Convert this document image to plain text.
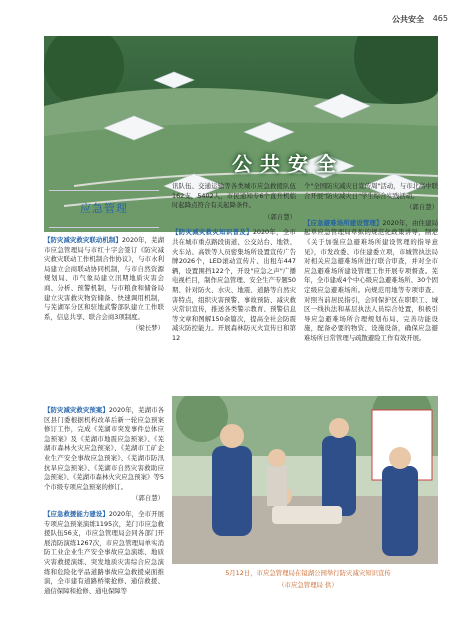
公共安全 465
公共安全
应急管理

【防灾减灾救灾联动机制】2020年，芜湖市应急管理局与市红十字会签订《防灾减灾救灾联动工作机制合作协议》，与市水利局建立会商联动协同机制，与市自然资源规划局、市气象局建立汛期地质灾害会商、分析、预警机制，与市粮食和储备局建立灾害救灾物资储备、快速调用机制，与芜湖军分区和驻地武警部队建立工作联系，信息共享、联合会商3项制度。

（梁长梦）

【防灾减灾救灾预案】2020年，芜湖市各区县门委根据机构改革后新一轮应急预案修订工作，完成《芜湖市突发事件总体应急预案》及《芜湖市地震应急预案》、《芜湖市森林火灾应急预案》、《芜湖市工矿企业生产安全事故应急预案》、《芜湖市防汛抗旱应急预案》、《芜湖市自然灾害救助应急预案》、《芜湖市森林火灾应急预案》等5个市级专项应急预案的修订。

（郭自慧）

【应急救援能力建设】2020年，全市开展专项应急预案演练1195次，芜门市应急救援队伍56支，市应急管理局会同各部门开展消防演练1267次，市应急管理局单实消防工业企业生产安全事故应急演练、地质灾害救援演练、突发地质灾害综合应急演练和危险化学品道路事故应急救援桌面推演，全市建有道路桥梁抢修、通信救援、通信保障和抢修、通电保障等

讯队伍、交通运输等各类城市应急救援队伍162支，5402人，市民通知专6个直升机临时起降点符合有关起降条件。

（郭自慧）

【防灾减灾救灾知识普及】2020年，全市共在城市重点路段街道、公交站台、地铁、火车站、高铁等人员密集场所设置宣传广告牌2026个，LED滚动宣传片、出租车447辆，设置围挡122个，开设"应急之声"广播电视栏目，制作应急管理、安全生产专题50期、针对防火、水灾、地震、道路等自然灾害特点，组织灾害预警、事故预防、减灾救灾常识宣传，推送各类警示教育、预警信息等文章和图解150余篇次，提高全社会防震减灾防控能力。开展森林防灭火宣传日和第12

个"全国防灾减灾日宣传周"活动，与市北高中联合开展"防灾减灾日"学生综合实践活动。

（郭自慧）

【应急避难场所建设管理】2020年，由住建局起草应急管理局草拟的规范化政策讲导，制定《关于加强应急避难场所建设管理的指导意见》，市发改委、市住建委立项，市城管执法局对相关应急避难场所进行联合审查，并对全市应急避难场所建设管理工作开展专项督查。芜年，全市建成4个中心级应急避难场所、30个固定级应急避难场所。向规范用地等专项审查、对照当前居民指引，会同保护区在职职工、城区一线执法和基层执法人员综合处置，积极引导应急避难场所合理规划布局、完善功能设施，配备必要的物资、设施设备，确保应急避难场所日常管理与疏散避险工作有效开展。

5月12日，市应急管理局在镜湖公园举行防灾减灾知识宣传
（市应急管理局 供）
